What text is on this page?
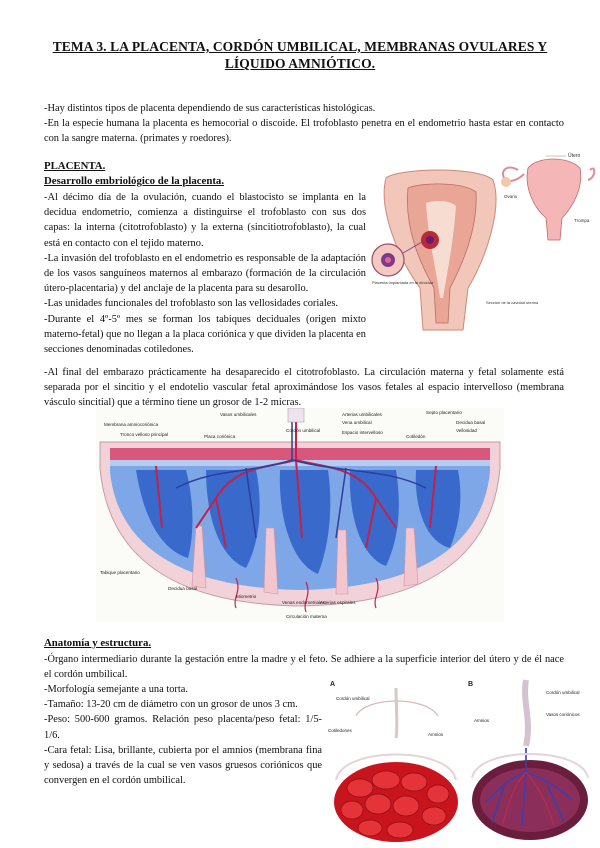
TEMA 3. LA PLACENTA, CORDÓN UMBILICAL, MEMBRANAS OVULARES Y
LÍQUIDO AMNIÓTICO.

-Hay distintos tipos de placenta dependiendo de sus características histológicas.

-En la especie humana la placenta es hemocorial o discoide. El trofoblasto penetra en el endometrio hasta estar en contacto con la sangre materna. (primates y roedores).

PLACENTA.

Desarrollo embriológico de la placenta.

-Al décimo día de la ovulación, cuando el blastocisto se implanta en la decidua endometrio, comienza a distinguirse el trofoblasto con sus dos capas: la interna (citotrofoblasto) y la externa (sincitiotrofoblasto), la cual está en contacto con el tejido materno.

-La invasión del trofoblasto en el endometrio es responsable de la adaptación de los vasos sanguíneos maternos al embarazo (formación de la circulación útero-placentaria) y del anclaje de la placenta para su desarollo.

-Las unidades funcionales del trofoblasto son las vellosidades coriales.

-Durante el 4º-5º mes se forman los tabiques deciduales (origen mixto materno-fetal) que no llegan a la placa coriónica y que dividen la placenta en secciones denominadas cotiledones.

-Al final del embarazo prácticamente ha desaparecido el citotrofoblasto. La circulación materna y fetal solamente está separada por el sincitio y el endotelio vascular fetal aproximándose los vasos fetales al espacio intervelloso (membrana vásculo sincitial) que a término tiene un grosor de 1-2 micras.

Útero
Ovario
Trompa
Placenta implantada en la decidua
Sección de la cavidad uterina
Membrana amniocoriónica
Tronco velloso principal	Placa coriónica
Vasos umbilicales
Cordón umbilical
Arterias umbilicales
Vena umbilical
Espacio intervelloso
Septo placentario
Decidua basal
Vellosidad
Cotiledón
Tabique placentario
Decidua basal
Miometrio
Venas endometriales
Arterias espirales
Circulación materna

Anatomía y estructura.

-Órgano intermediario durante la gestación entre la madre y el feto. Se adhiere a la superficie interior del útero y de él nace el cordón umbilical.

-Morfología semejante a una torta.

-Tamaño: 13-20 cm de diámetro con un grosor de unos 3 cm.

-Peso: 500-600 gramos. Relación peso placenta/peso fetal: 1/5-1/6.

-Cara fetal: Lisa, brillante, cubierta por el amnios (membrana fina y sedosa) a través de la cual se ven vasos gruesos coriónicos que convergen en el cordón umbilical.

A	B
Cordón umbilical
Cotiledones
Amnios
Cordón umbilical
Amnios
Vasos coriónicos
